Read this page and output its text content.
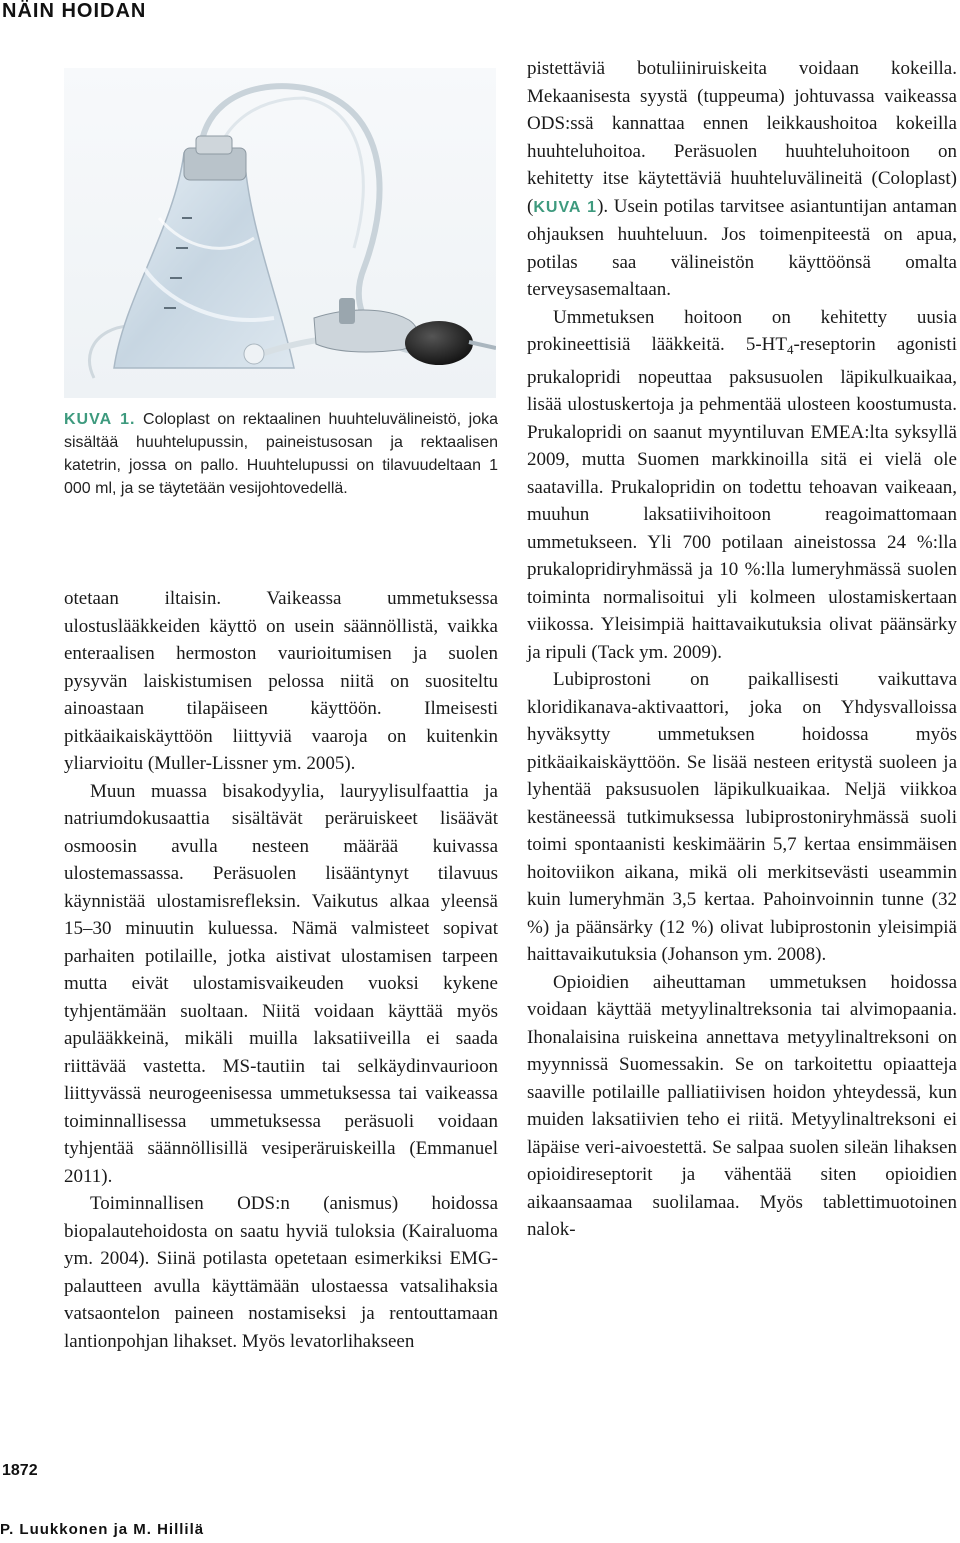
NÄIN HOIDAN

KUVA 1. Coloplast on rektaalinen huuhteluvälineistö, joka sisältää huuhtelupussin, paineistusosan ja rektaalisen katetrin, jossa on pallo. Huuhtelupussi on tilavuudeltaan 1 000 ml, ja se täytetään vesijohtovedellä.

otetaan iltaisin. Vaikeassa ummetuksessa ulostuslääkkeiden käyttö on usein säännöllistä, vaikka enteraalisen hermoston vaurioitumisen ja suolen pysyvän laiskistumisen pelossa niitä on suositeltu ainoastaan tilapäiseen käyttöön. Ilmeisesti pitkäaikaiskäyttöön liittyviä vaaroja on kuitenkin yliarvioitu (Muller-Lissner ym. 2005).

Muun muassa bisakodyylia, lauryylisulfaattia ja natriumdokusaattia sisältävät peräruiskeet lisäävät osmoosin avulla nesteen määrää kuivassa ulostemassassa. Peräsuolen lisääntynyt tilavuus käynnistää ulostamisrefleksin. Vaikutus alkaa yleensä 15–30 minuutin kuluessa. Nämä valmisteet sopivat parhaiten potilaille, jotka aistivat ulostamisen tarpeen mutta eivät ulostamisvaikeuden vuoksi kykene tyhjentämään suoltaan. Niitä voidaan käyttää myös apulääkkeinä, mikäli muilla laksatiiveilla ei saada riittävää vastetta. MS-tautiin tai selkäydinvaurioon liittyvässä neurogeenisessa ummetuksessa tai vaikeassa toiminnallisessa ummetuksessa peräsuoli voidaan tyhjentää säännöllisillä vesiperäruiskeilla (Emmanuel 2011).

Toiminnallisen ODS:n (anismus) hoidossa biopalautehoidosta on saatu hyviä tuloksia (Kairaluoma ym. 2004). Siinä potilasta opetetaan esimerkiksi EMG-palautteen avulla käyttämään ulostaessa vatsalihaksia vatsaontelon paineen nostamiseksi ja rentouttamaan lantionpohjan lihakset. Myös levatorlihakseen

pistettäviä botuliiniruiskeita voidaan kokeilla. Mekaanisesta syystä (tuppeuma) johtuvassa vaikeassa ODS:ssä kannattaa ennen leikkaushoitoa kokeilla huuhteluhoitoa. Peräsuolen huuhteluhoitoon on kehitetty itse käytettäviä huuhteluvälineitä (Coloplast) (KUVA 1). Usein potilas tarvitsee asiantuntijan antaman ohjauksen huuhteluun. Jos toimenpiteestä on apua, potilas saa välineistön käyttöönsä omalta terveysasemaltaan.

Ummetuksen hoitoon on kehitetty uusia prokineettisiä lääkkeitä. $5-HT_4$-reseptorin agonisti prukalopridi nopeuttaa paksusuolen läpikulkuaikaa, lisää ulostuskertoja ja pehmentää ulosteen koostumusta. Prukalopridi on saanut myyntiluvan EMEA:lta syksyllä 2009, mutta Suomen markkinoilla sitä ei vielä ole saatavilla. Prukalopridin on todettu tehoavan vaikeaan, muuhun laksatiivihoitoon reagoimattomaan ummetukseen. Yli 700 potilaan aineistossa 24 %:lla prukalopridiryhmässä ja 10 %:lla lumeryhmässä suolen toiminta normalisoitui yli kolmeen ulostamiskertaan viikossa. Yleisimpiä haittavaikutuksia olivat päänsärky ja ripuli (Tack ym. 2009).

Lubiprostoni on paikallisesti vaikuttava kloridikanava-aktivaattori, joka on Yhdysvalloissa hyväksytty ummetuksen hoidossa myös pitkäaikaiskäyttöön. Se lisää nesteen eritystä suoleen ja lyhentää paksusuolen läpikulkuaikaa. Neljä viikkoa kestäneessä tutkimuksessa lubiprostoniryhmässä suoli toimi spontaanisti keskimäärin 5,7 kertaa ensimmäisen hoitoviikon aikana, mikä oli merkitsevästi useammin kuin lumeryhmän 3,5 kertaa. Pahoinvoinnin tunne (32 %) ja päänsärky (12 %) olivat lubiprostonin yleisimpiä haittavaikutuksia (Johanson ym. 2008).

Opioidien aiheuttaman ummetuksen hoidossa voidaan käyttää metyylinaltreksonia tai alvimopaania. Ihonalaisina ruiskeina annettava metyylinaltreksoni on myynnissä Suomessakin. Se on tarkoitettu opiaatteja saaville potilaille palliatiivisen hoidon yhteydessä, kun muiden laksatiivien teho ei riitä. Metyylinaltreksoni ei läpäise veri-aivoestettä. Se salpaa suolen sileän lihaksen opioidireseptorit ja vähentää siten opioidien aikaansaamaa suolilamaa. Myös tablettimuotoinen nalok-

1872

P. Luukkonen ja M. Hillilä
